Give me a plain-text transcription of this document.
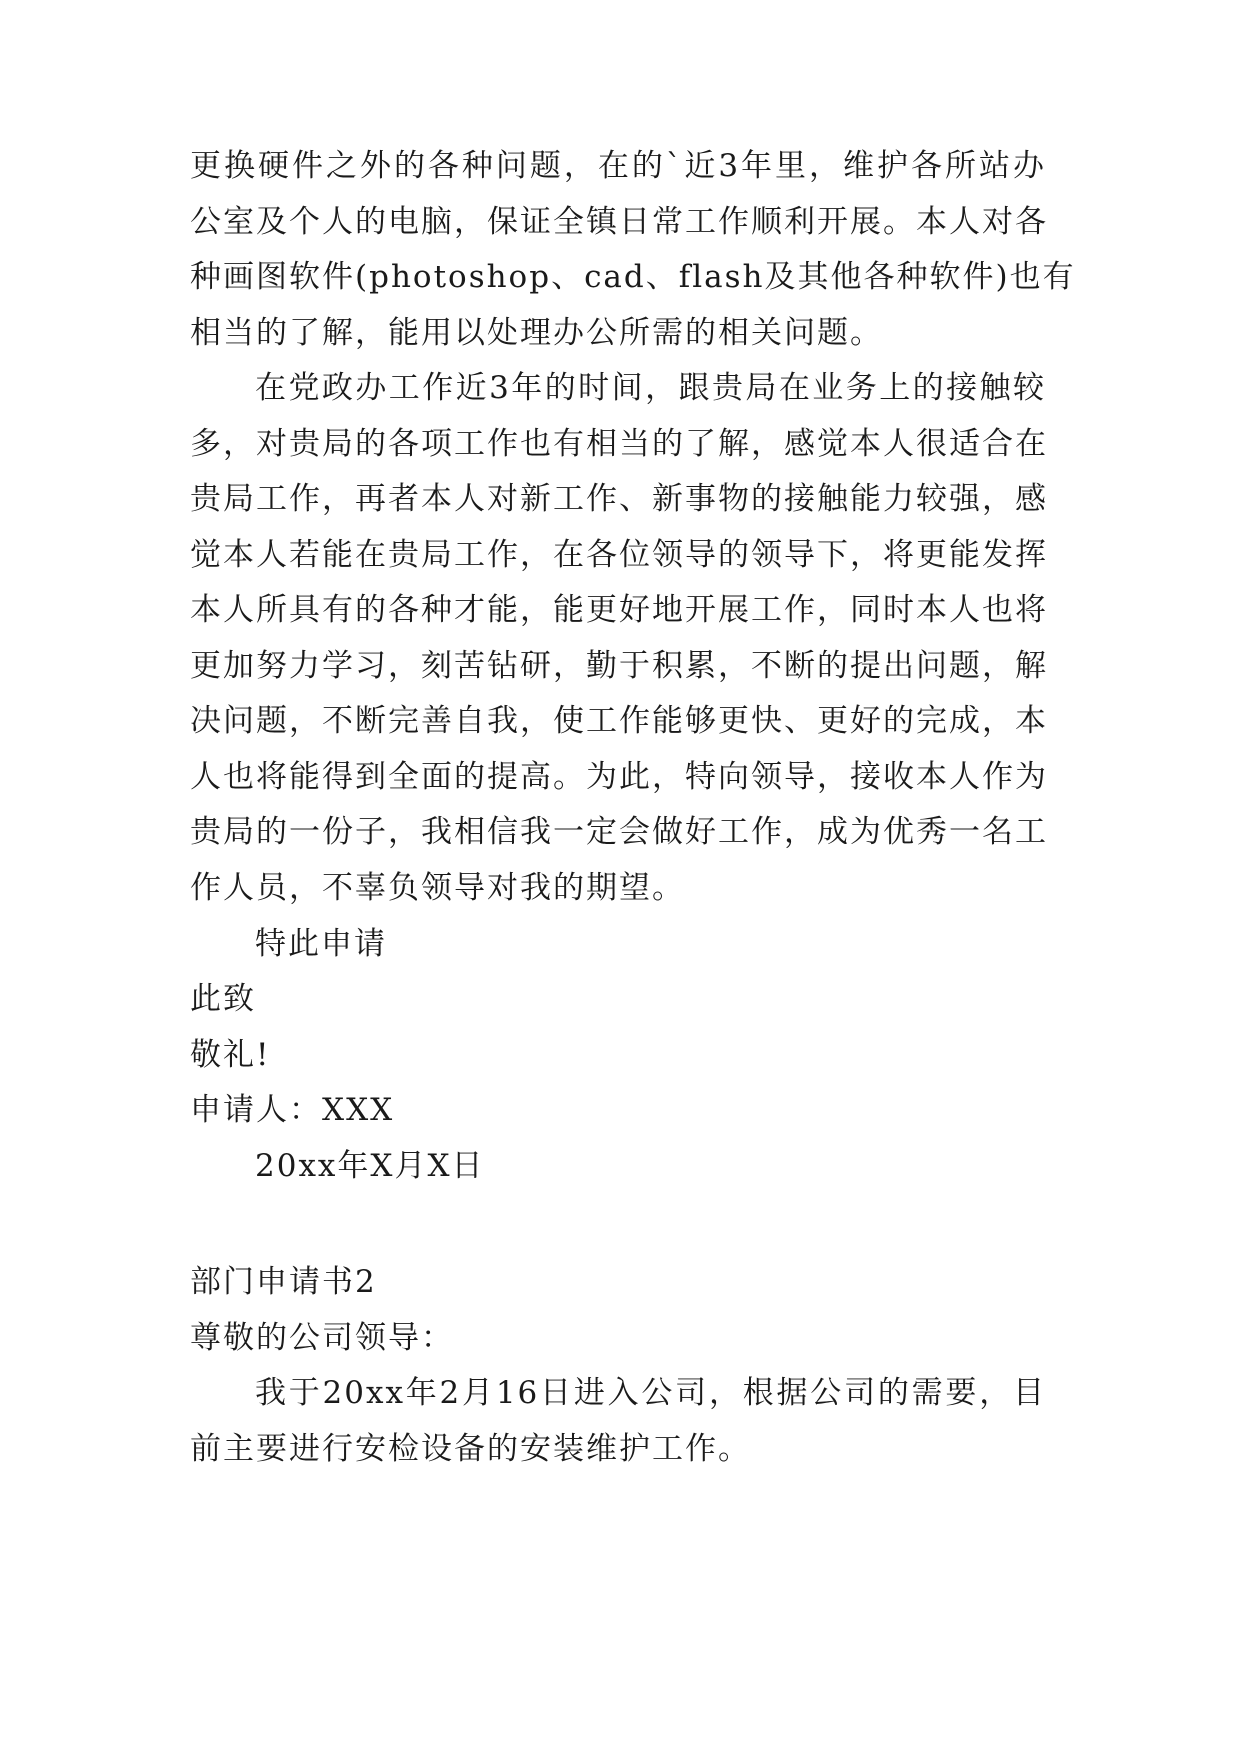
更换硬件之外的各种问题，在的`近3年里，维护各所站办
公室及个人的电脑，保证全镇日常工作顺利开展。本人对各
种画图软件(photoshop、cad、flash及其他各种软件)也有
相当的了解，能用以处理办公所需的相关问题。
在党政办工作近3年的时间，跟贵局在业务上的接触较
多，对贵局的各项工作也有相当的了解，感觉本人很适合在
贵局工作，再者本人对新工作、新事物的接触能力较强，感
觉本人若能在贵局工作，在各位领导的领导下，将更能发挥
本人所具有的各种才能，能更好地开展工作，同时本人也将
更加努力学习，刻苦钻研，勤于积累，不断的提出问题，解
决问题，不断完善自我，使工作能够更快、更好的完成，本
人也将能得到全面的提高。为此，特向领导，接收本人作为
贵局的一份子，我相信我一定会做好工作，成为优秀一名工
作人员，不辜负领导对我的期望。
特此申请
此致
敬礼!
申请人：XXX
20xx年X月X日
部门申请书2
尊敬的公司领导：
我于20xx年2月16日进入公司，根据公司的需要，目
前主要进行安检设备的安装维护工作。
